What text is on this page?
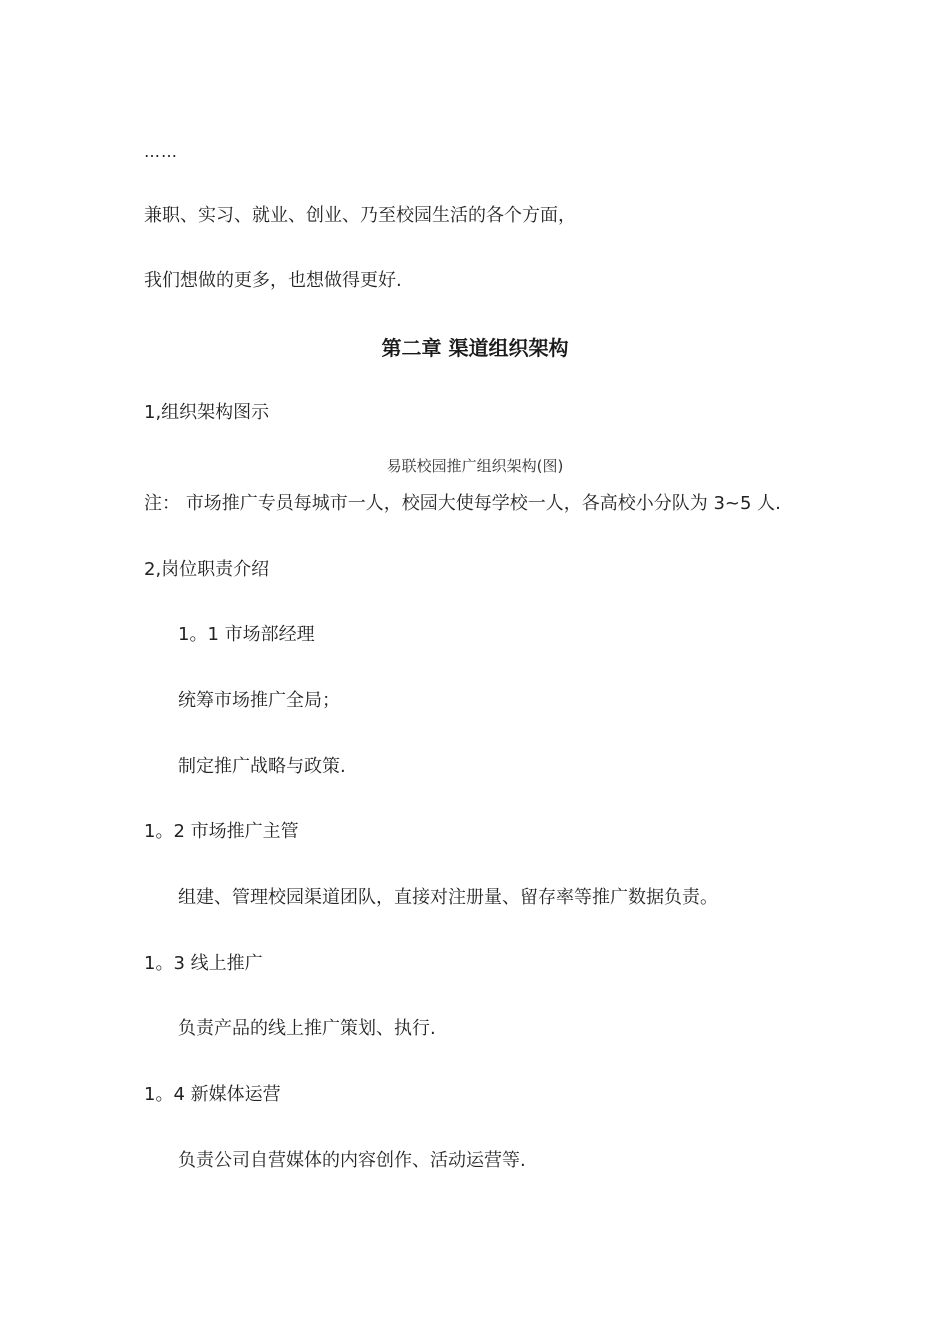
……
兼职、实习、就业、创业、乃至校园生活的各个方面，
我们想做的更多，也想做得更好.
第二章 渠道组织架构
1,组织架构图示
易联校园推广组织架构(图)
注： 市场推广专员每城市一人，校园大使每学校一人，各高校小分队为 3~5 人.
2,岗位职责介绍
1。1 市场部经理
统筹市场推广全局；
制定推广战略与政策.
1。2 市场推广主管
组建、管理校园渠道团队，直接对注册量、留存率等推广数据负责。
1。3 线上推广
负责产品的线上推广策划、执行.
1。4 新媒体运营
负责公司自营媒体的内容创作、活动运营等.
